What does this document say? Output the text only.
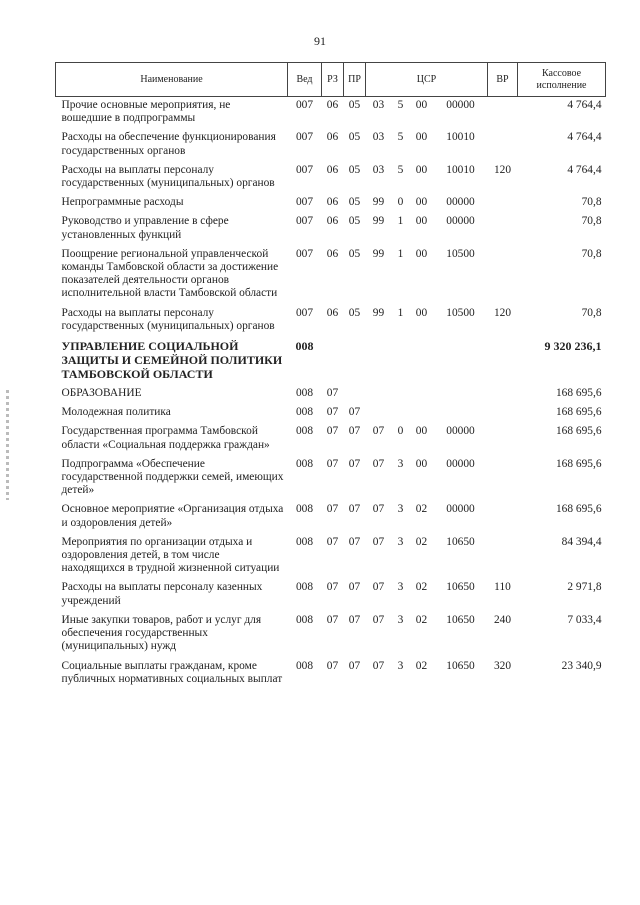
91
Наименование	Вед	РЗ	ПР	ЦСР				ВР	Кассовое исполнение
Прочие основные мероприятия, не вошедшие в подпрограммы	007	06	05	03	5	00	00000		4 764,4
Расходы на обеспечение функционирования государственных органов	007	06	05	03	5	00	10010		4 764,4
Расходы на выплаты персоналу государственных (муниципальных) органов	007	06	05	03	5	00	10010	120	4 764,4
Непрограммные расходы	007	06	05	99	0	00	00000		70,8
Руководство и управление в сфере установленных функций	007	06	05	99	1	00	00000		70,8
Поощрение региональной управленческой команды Тамбовской области за достижение показателей деятельности органов исполнительной власти Тамбовской области	007	06	05	99	1	00	10500		70,8
Расходы на выплаты персоналу государственных (муниципальных) органов	007	06	05	99	1	00	10500	120	70,8
УПРАВЛЕНИЕ СОЦИАЛЬНОЙ ЗАЩИТЫ И СЕМЕЙНОЙ ПОЛИТИКИ ТАМБОВСКОЙ ОБЛАСТИ	008								9 320 236,1
ОБРАЗОВАНИЕ	008	07							168 695,6
Молодежная политика	008	07	07						168 695,6
Государственная программа Тамбовской области «Социальная поддержка граждан»	008	07	07	07	0	00	00000		168 695,6
Подпрограмма «Обеспечение государственной поддержки семей, имеющих детей»	008	07	07	07	3	00	00000		168 695,6
Основное мероприятие «Организация отдыха и оздоровления детей»	008	07	07	07	3	02	00000		168 695,6
Мероприятия по организации отдыха и оздоровления детей, в том числе находящихся в трудной жизненной ситуации	008	07	07	07	3	02	10650		84 394,4
Расходы на выплаты персоналу казенных учреждений	008	07	07	07	3	02	10650	110	2 971,8
Иные закупки товаров, работ и услуг для обеспечения государственных (муниципальных) нужд	008	07	07	07	3	02	10650	240	7 033,4
Социальные выплаты гражданам, кроме публичных нормативных социальных выплат	008	07	07	07	3	02	10650	320	23 340,9
